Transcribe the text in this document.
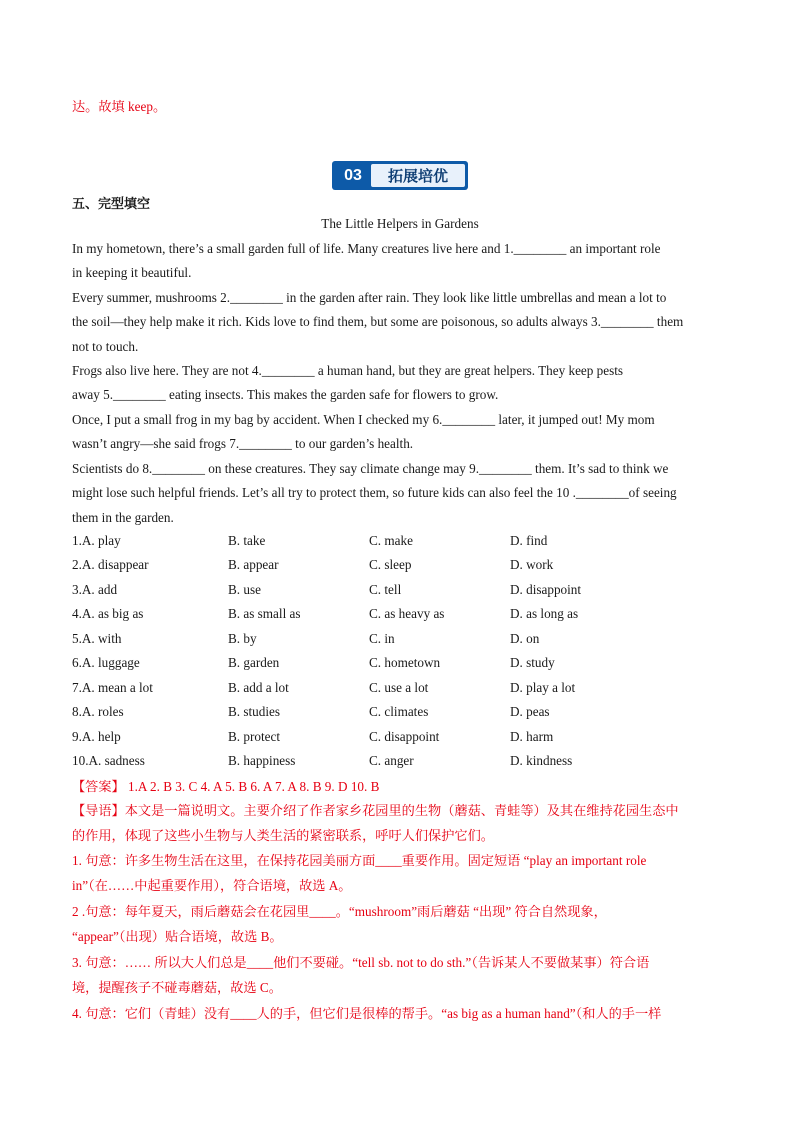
达。故填 keep。
03	拓展培优
五、完型填空
The Little Helpers in Gardens
In my hometown, there’s a small garden full of life. Many creatures live here and 1.________ an important role
in keeping it beautiful.
Every summer, mushrooms 2.________ in the garden after rain. They look like little umbrellas and mean a lot to
the soil—they help make it rich. Kids love to find them, but some are poisonous, so adults always 3.________ them
not to touch.
Frogs also live here. They are not 4.________ a human hand, but they are great helpers. They keep pests
away 5.________ eating insects. This makes the garden safe for flowers to grow.
Once, I put a small frog in my bag by accident. When I checked my 6.________ later, it jumped out! My mom
wasn’t angry—she said frogs 7.________ to our garden’s health.
Scientists do 8.________ on these creatures. They say climate change may 9.________ them. It’s sad to think we
might lose such helpful friends. Let’s all try to protect them, so future kids can also feel the 10 .________of seeing
them in the garden.
1.A. play	B. take	C. make	D. find
2.A. disappear	B. appear	C. sleep	D. work
3.A. add	B. use	C. tell	D. disappoint
4.A. as big as	B. as small as	C. as heavy as	D. as long as
5.A. with	B. by	C. in	D. on
6.A. luggage	B. garden	C. hometown	D. study
7.A. mean a lot	B. add a lot	C. use a lot	D. play a lot
8.A. roles	B. studies	C. climates	D. peas
9.A. help	B. protect	C. disappoint	D. harm
10.A. sadness	B. happiness	C. anger	D. kindness
【答案】 1.A 2. B 3. C 4. A 5. B 6. A 7. A 8. B 9. D 10. B
【导语】本文是一篇说明文。主要介绍了作者家乡花园里的生物（蘑菇、青蛙等）及其在维持花园生态中
的作用，体现了这些小生物与人类生活的紧密联系，呼吁人们保护它们。
1. 句意：许多生物生活在这里，在保持花园美丽方面____重要作用。固定短语 “play an important role
in”（在……中起重要作用），符合语境，故选 A。
2 .句意：每年夏天，雨后蘑菇会在花园里____。“mushroom”雨后蘑菇 “出现” 符合自然现象，
“appear”（出现）贴合语境，故选 B。
3. 句意：…… 所以大人们总是____他们不要碰。“tell sb. not to do sth.”（告诉某人不要做某事）符合语
境，提醒孩子不碰毒蘑菇，故选 C。
4. 句意：它们（青蛙）没有____人的手，但它们是很棒的帮手。“as big as a human hand”（和人的手一样
